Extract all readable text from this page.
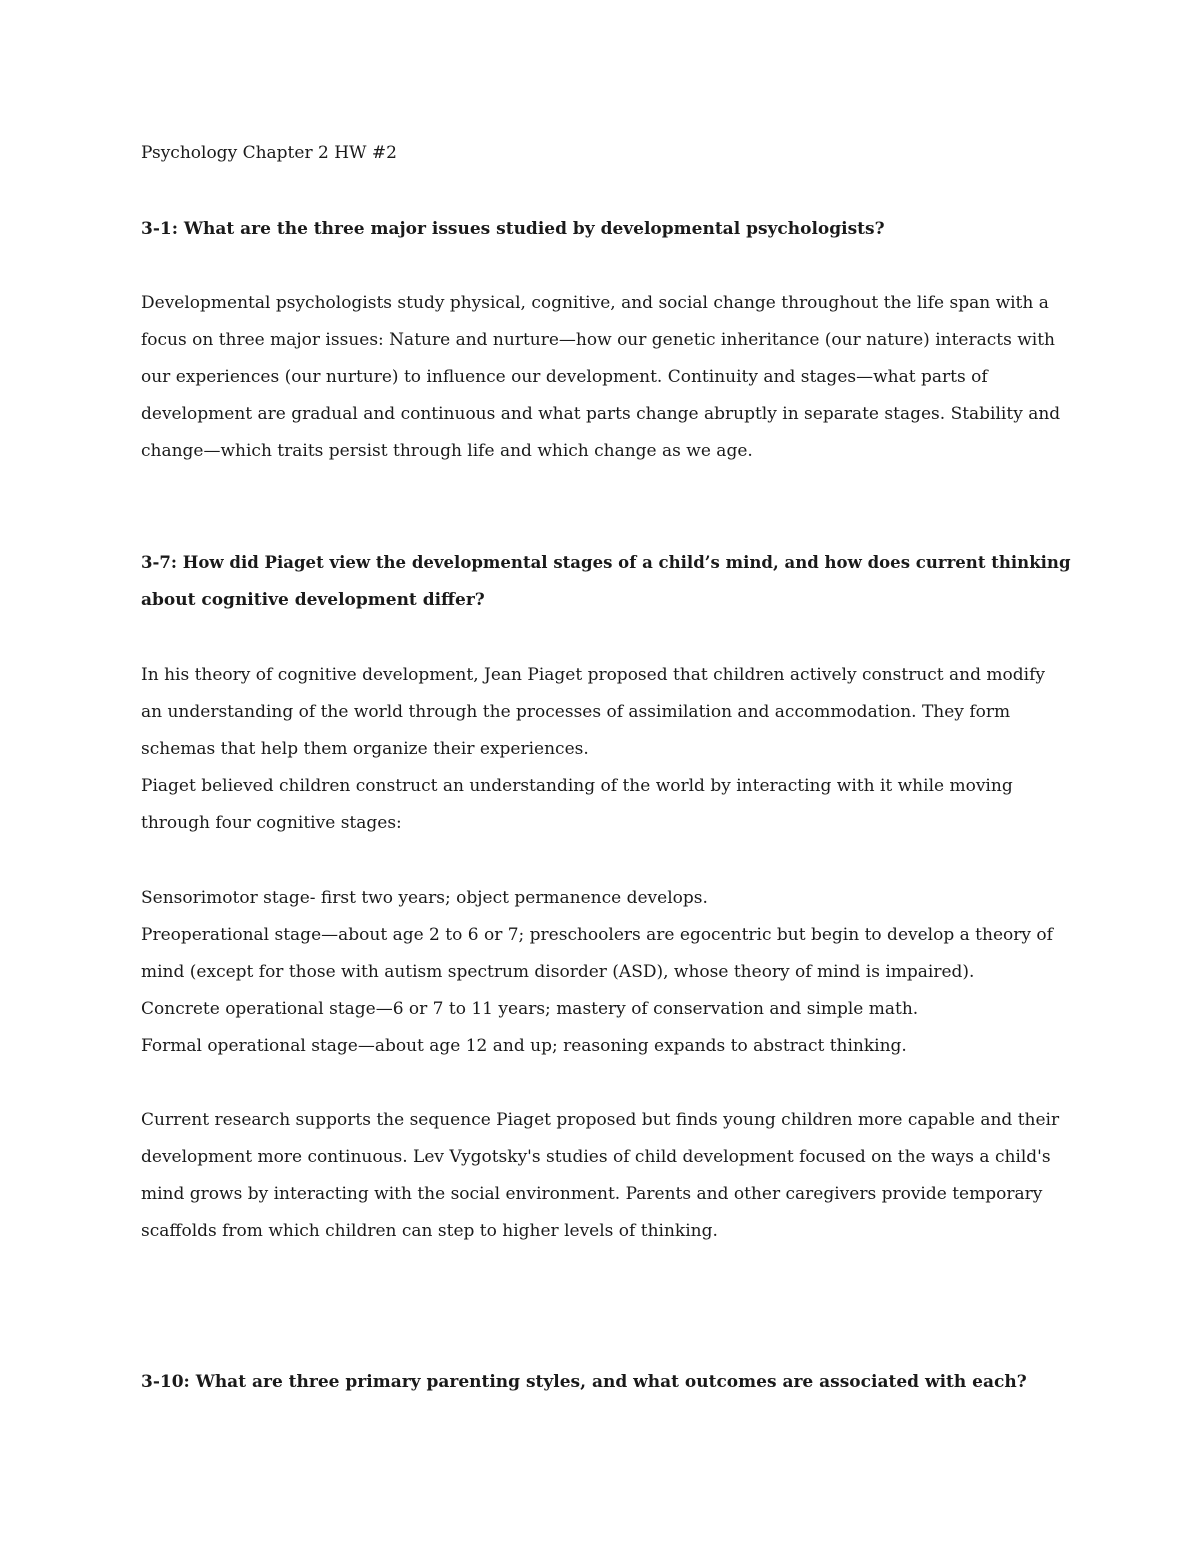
Psychology Chapter 2 HW #2
3-1: What are the three major issues studied by developmental psychologists?
Developmental psychologists study physical, cognitive, and social change throughout the life span with a
focus on three major issues: Nature and nurture—how our genetic inheritance (our nature) interacts with
our experiences (our nurture) to influence our development. Continuity and stages—what parts of
development are gradual and continuous and what parts change abruptly in separate stages. Stability and
change—which traits persist through life and which change as we age.
3-7: How did Piaget view the developmental stages of a child’s mind, and how does current thinking
about cognitive development differ?
In his theory of cognitive development, Jean Piaget proposed that children actively construct and modify
an understanding of the world through the processes of assimilation and accommodation. They form
schemas that help them organize their experiences.
Piaget believed children construct an understanding of the world by interacting with it while moving
through four cognitive stages:
Sensorimotor stage- first two years; object permanence develops.
Preoperational stage—about age 2 to 6 or 7; preschoolers are egocentric but begin to develop a theory of
mind (except for those with autism spectrum disorder (ASD), whose theory of mind is impaired).
Concrete operational stage—6 or 7 to 11 years; mastery of conservation and simple math.
Formal operational stage—about age 12 and up; reasoning expands to abstract thinking.
Current research supports the sequence Piaget proposed but finds young children more capable and their
development more continuous. Lev Vygotsky's studies of child development focused on the ways a child's
mind grows by interacting with the social environment. Parents and other caregivers provide temporary
scaffolds from which children can step to higher levels of thinking.
3-10: What are three primary parenting styles, and what outcomes are associated with each?
